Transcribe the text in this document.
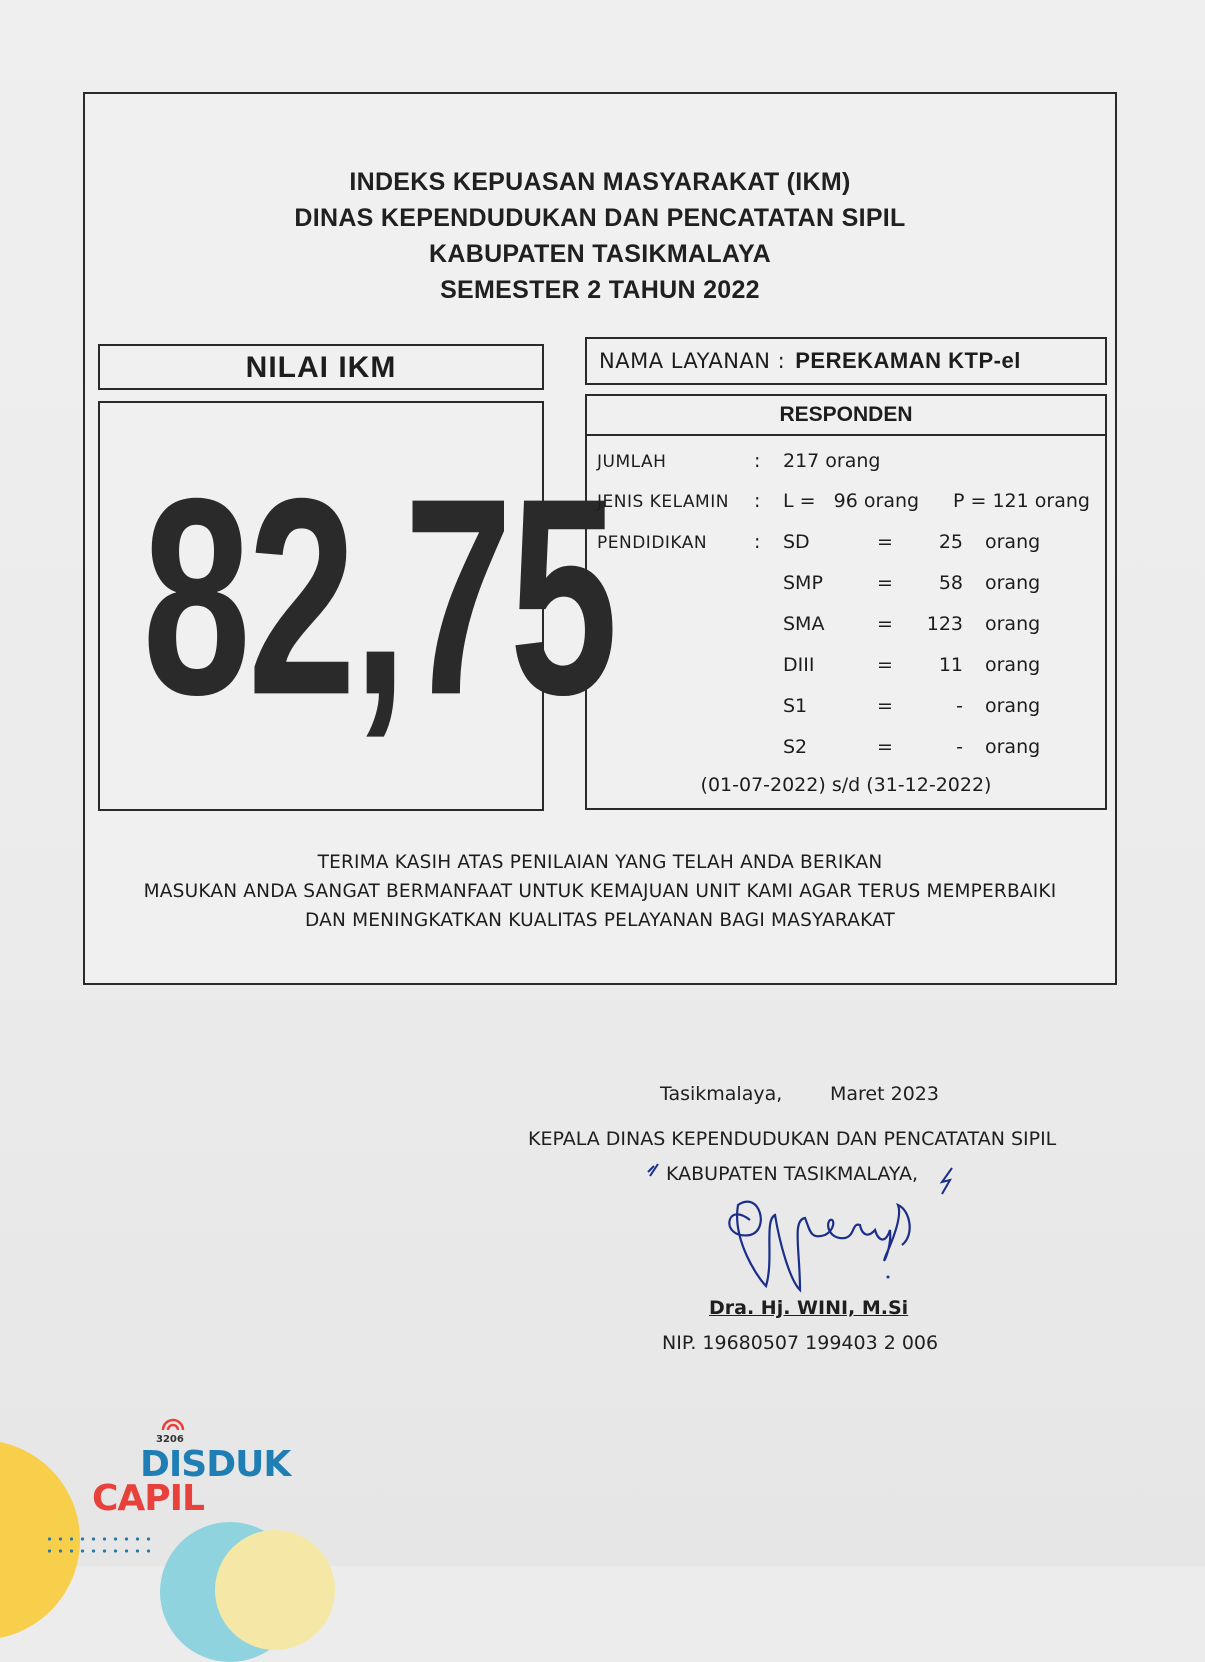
INDEKS KEPUASAN MASYARAKAT (IKM)
DINAS KEPENDUDUKAN DAN PENCATATAN SIPIL
KABUPATEN TASIKMALAYA
SEMESTER 2 TAHUN 2022
NILAI IKM
82,75
NAMA LAYANAN : PEREKAMAN KTP-el
RESPONDEN
JUMLAH	: 217 orang
JENIS KELAMIN : L =   96 orang P = 121 orang
PENDIDIKAN : SD	=	25 orang
SMP	=	58 orang
SMA	=	123 orang
DIII	=	11 orang
S1	=	- orang
S2	=	- orang
(01-07-2022) s/d (31-12-2022)
TERIMA KASIH ATAS PENILAIAN YANG TELAH ANDA BERIKAN
MASUKAN ANDA SANGAT BERMANFAAT UNTUK KEMAJUAN UNIT KAMI AGAR TERUS MEMPERBAIKI
DAN MENINGKATKAN KUALITAS PELAYANAN BAGI MASYARAKAT
Tasikmalaya,	Maret 2023
KEPALA DINAS KEPENDUDUKAN DAN PENCATATAN SIPIL
KABUPATEN TASIKMALAYA,
Dra. Hj. WINI, M.Si
NIP. 19680507 199403 2 006
3206
DISDUK
CAPIL
